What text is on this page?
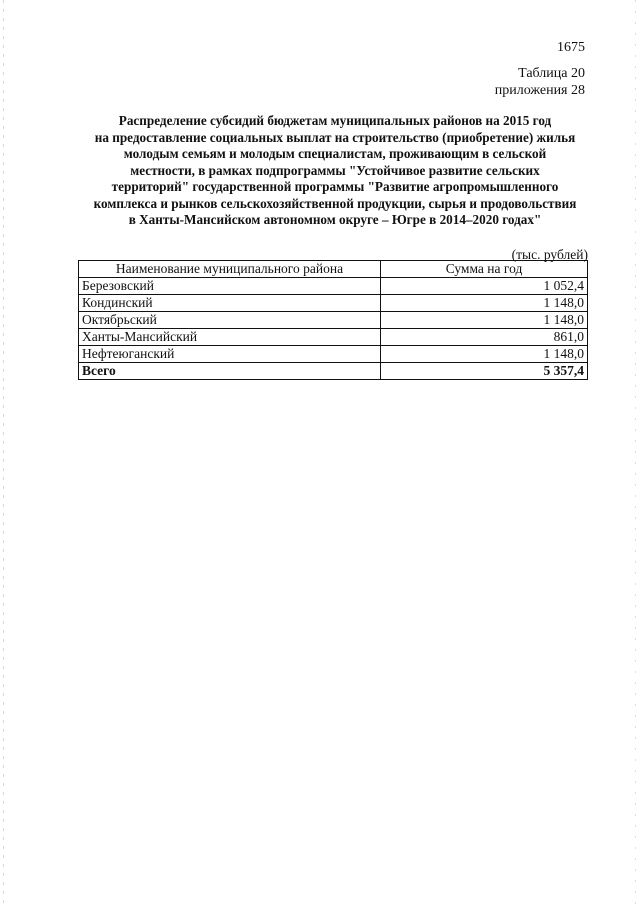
1675
Таблица 20
приложения 28
Распределение субсидий бюджетам муниципальных районов на 2015 год
на предоставление социальных выплат на строительство (приобретение) жилья
молодым семьям и молодым специалистам, проживающим в сельской
местности, в рамках подпрограммы "Устойчивое развитие сельских
территорий" государственной программы "Развитие агропромышленного
комплекса и рынков сельскохозяйственной продукции, сырья и продовольствия
в Ханты-Мансийском автономном округе – Югре в 2014–2020 годах"
(тыс. рублей)
Наименование муниципального района	Сумма на год
Березовский	1 052,4
Кондинский	1 148,0
Октябрьский	1 148,0
Ханты-Мансийский	861,0
Нефтеюганский	1 148,0
Всего	5 357,4
